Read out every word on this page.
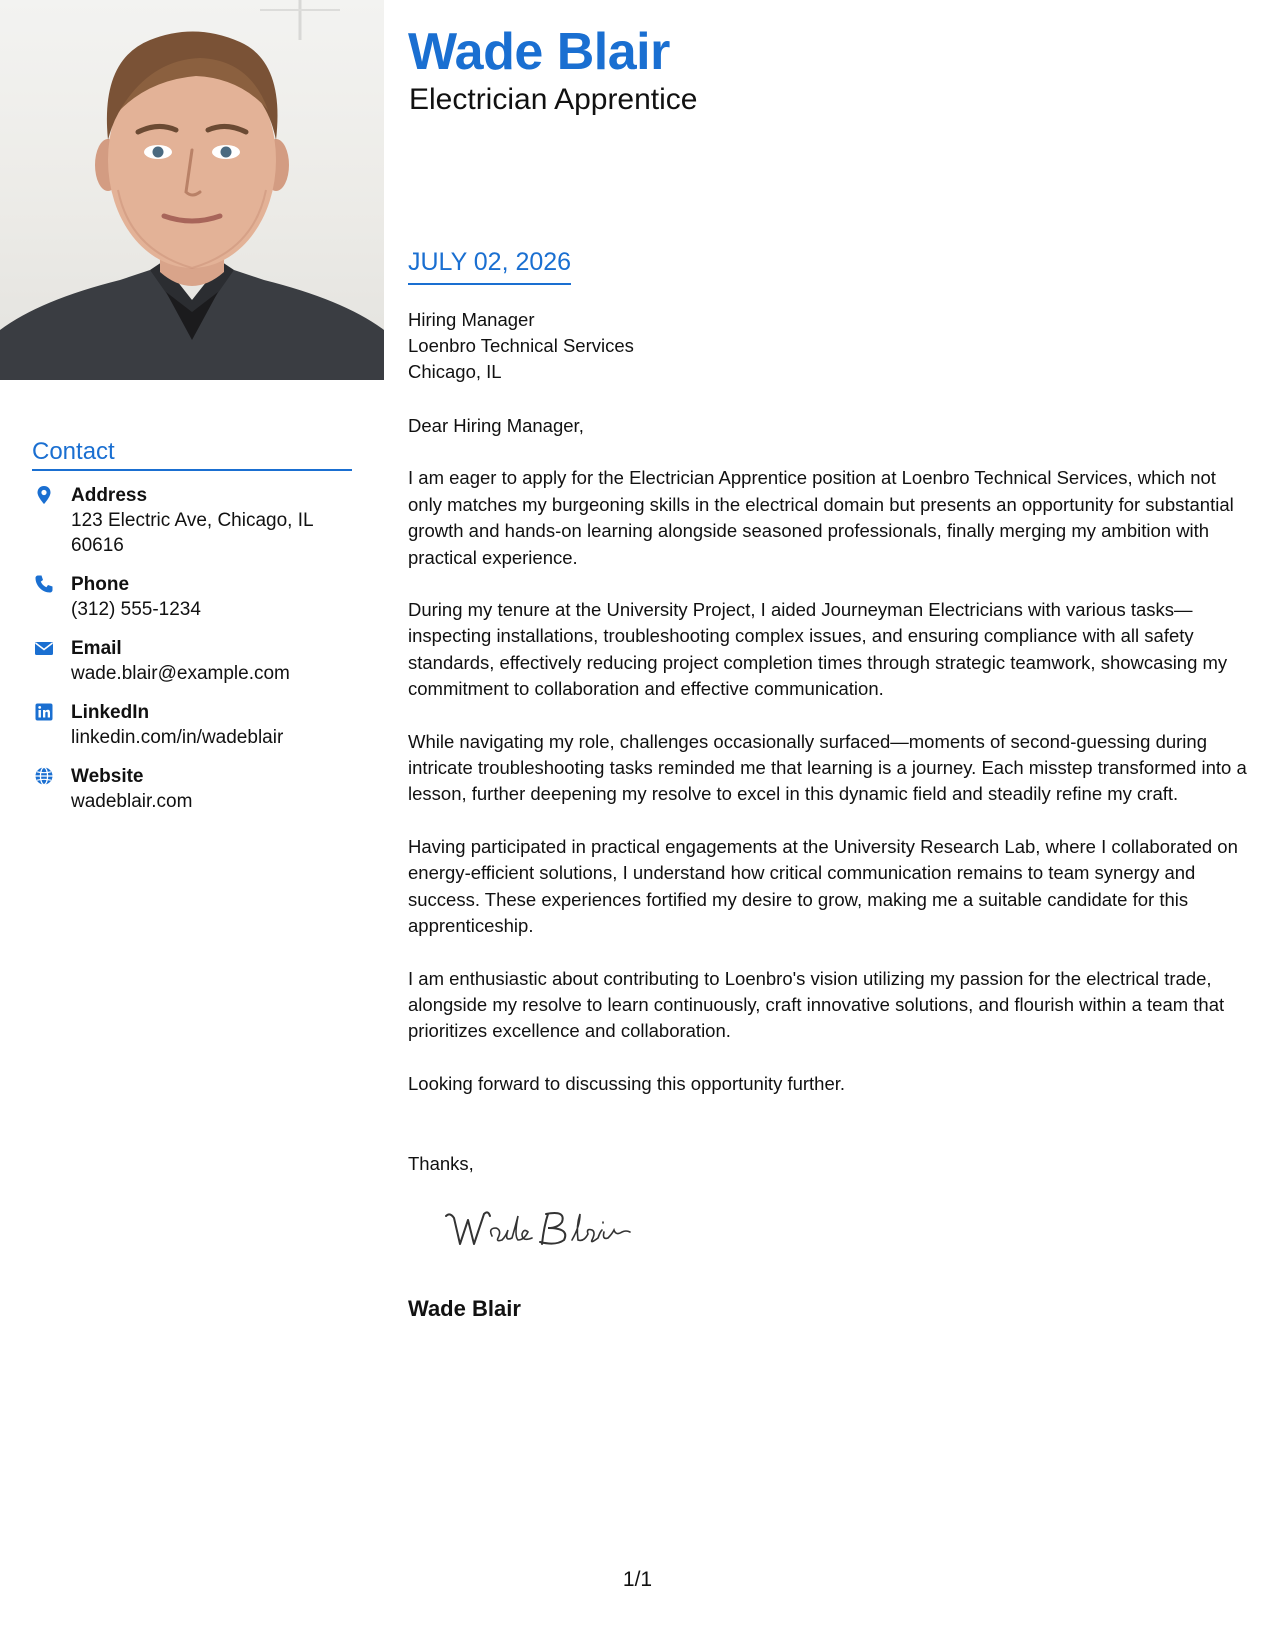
Contact
Address
123 Electric Ave, Chicago, IL 60616
Phone
(312) 555-1234
Email
wade.blair@example.com
LinkedIn
linkedin.com/in/wadeblair
Website
wadeblair.com
Wade Blair
Electrician Apprentice
JULY 02, 2026
Hiring Manager
Loenbro Technical Services
Chicago, IL

Dear Hiring Manager,

I am eager to apply for the Electrician Apprentice position at Loenbro Technical Services, which not only matches my burgeoning skills in the electrical domain but presents an opportunity for substantial growth and hands-on learning alongside seasoned professionals, finally merging my ambition with practical experience.

During my tenure at the University Project, I aided Journeyman Electricians with various tasks—inspecting installations, troubleshooting complex issues, and ensuring compliance with all safety standards, effectively reducing project completion times through strategic teamwork, showcasing my commitment to collaboration and effective communication.

While navigating my role, challenges occasionally surfaced—moments of second-guessing during intricate troubleshooting tasks reminded me that learning is a journey. Each misstep transformed into a lesson, further deepening my resolve to excel in this dynamic field and steadily refine my craft.

Having participated in practical engagements at the University Research Lab, where I collaborated on energy-efficient solutions, I understand how critical communication remains to team synergy and success. These experiences fortified my desire to grow, making me a suitable candidate for this apprenticeship.

I am enthusiastic about contributing to Loenbro's vision utilizing my passion for the electrical trade, alongside my resolve to learn continuously, craft innovative solutions, and flourish within a team that prioritizes excellence and collaboration.

Looking forward to discussing this opportunity further.

Thanks,

Wade Blair
1/1
